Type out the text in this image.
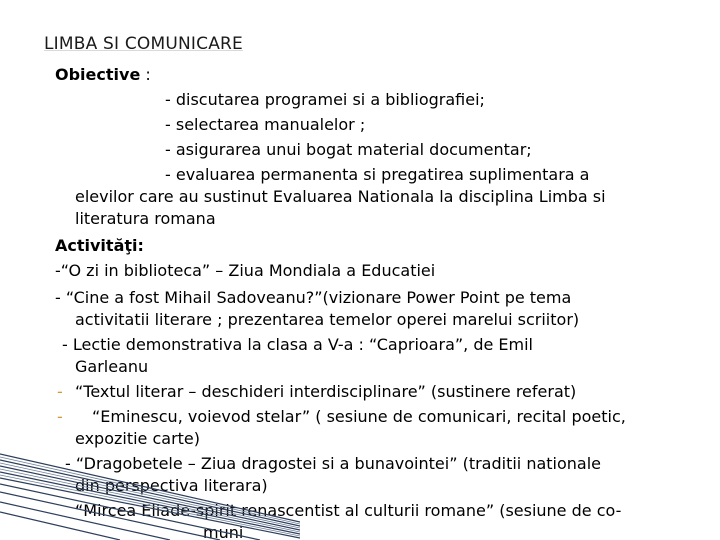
LIMBA SI COMUNICARE
Obiective :
- discutarea programei si a bibliografiei;
- selectarea manualelor ;
- asigurarea unui bogat material documentar;
- evaluarea permanenta si pregatirea suplimentara a
elevilor care au sustinut Evaluarea Nationala la disciplina Limba si
literatura romana
Activităţi:
-“O zi in biblioteca” – Ziua Mondiala a Educatiei
- “Cine a fost Mihail Sadoveanu?”(vizionare Power Point pe tema
activitatii literare ; prezentarea temelor operei marelui scriitor)
- Lectie demonstrativa la clasa a V-a : “Caprioara”, de Emil
Garleanu
- “Textul literar – deschideri interdisciplinare” (sustinere referat)
- “Eminescu, voievod stelar” ( sesiune de comunicari, recital poetic,
expozitie carte)
- “Dragobetele – Ziua dragostei si a bunavointei” (traditii nationale
din perspectiva literara)
“Mircea Eliade-spirit renascentist al culturii romane” (sesiune de co-
muni
